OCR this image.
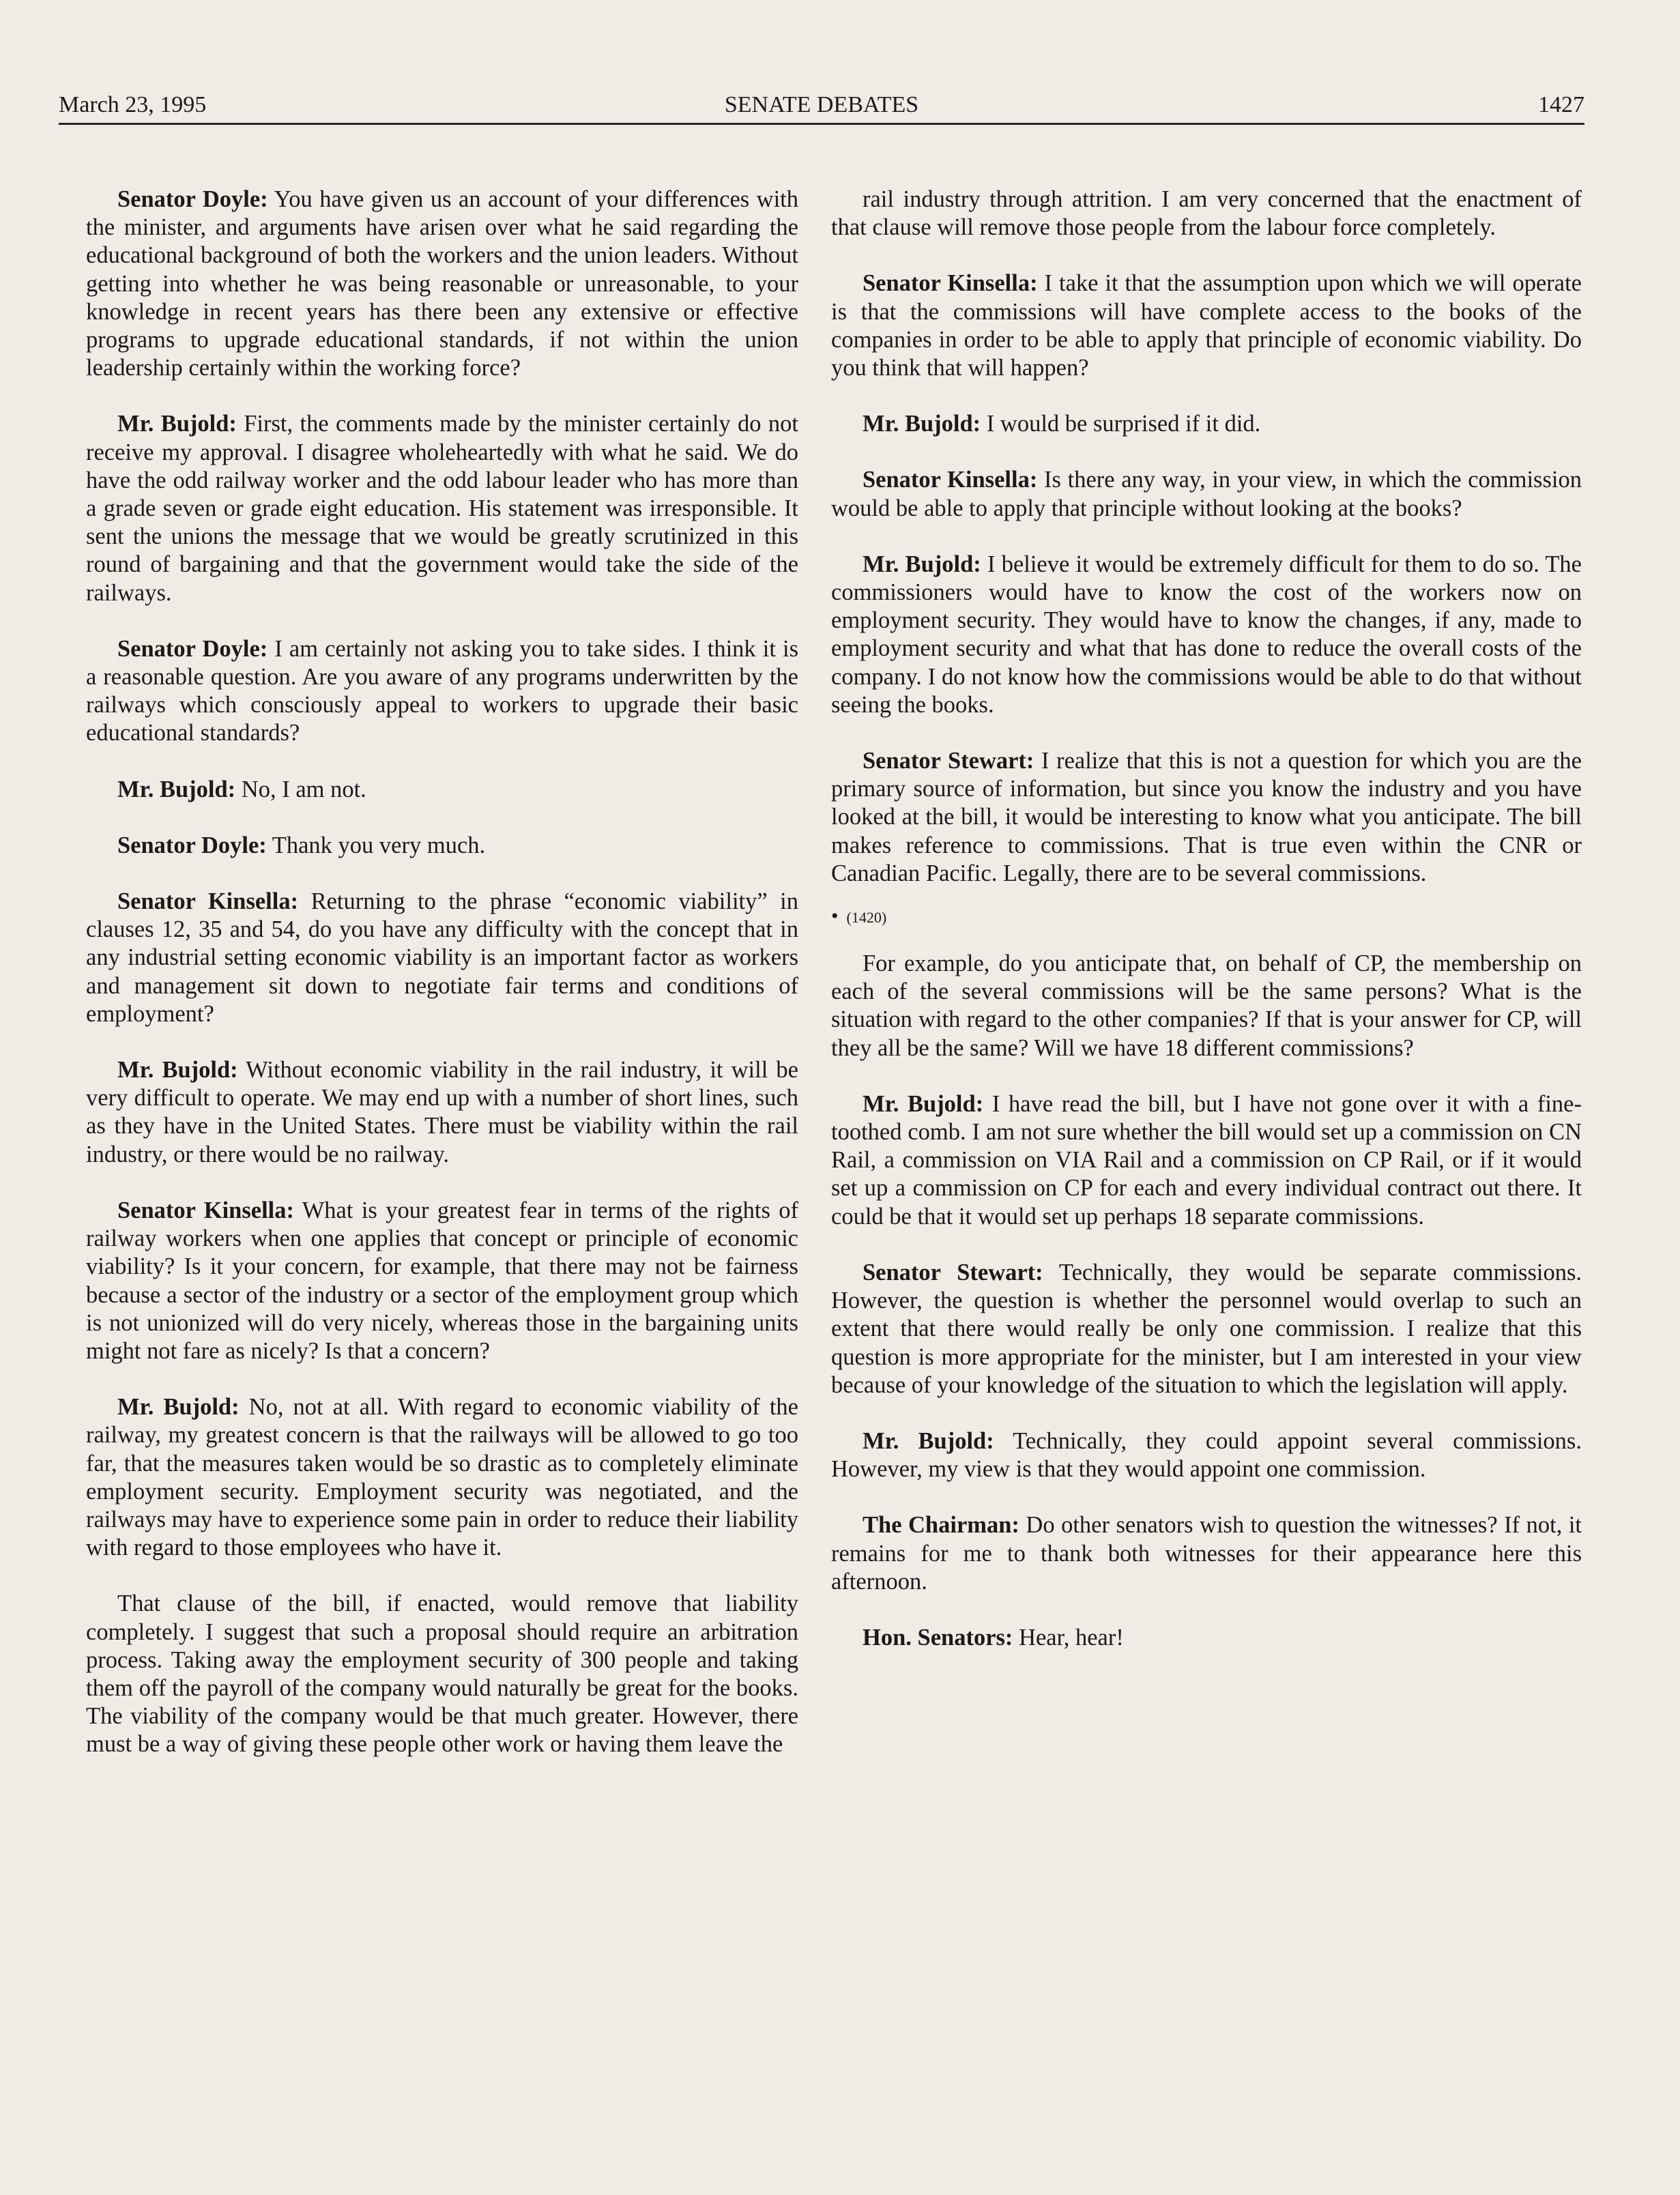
March 23, 1995	SENATE DEBATES	1427

Senator Doyle: You have given us an account of your differences with the minister, and arguments have arisen over what he said regarding the educational background of both the workers and the union leaders. Without getting into whether he was being reasonable or unreasonable, to your knowledge in recent years has there been any extensive or effective programs to upgrade educational standards, if not within the union leadership certainly within the working force?

Mr. Bujold: First, the comments made by the minister certainly do not receive my approval. I disagree wholeheartedly with what he said. We do have the odd railway worker and the odd labour leader who has more than a grade seven or grade eight education. His statement was irresponsible. It sent the unions the message that we would be greatly scrutinized in this round of bargaining and that the government would take the side of the railways.

Senator Doyle: I am certainly not asking you to take sides. I think it is a reasonable question. Are you aware of any programs underwritten by the railways which consciously appeal to workers to upgrade their basic educational standards?

Mr. Bujold: No, I am not.

Senator Doyle: Thank you very much.

Senator Kinsella: Returning to the phrase “economic viability” in clauses 12, 35 and 54, do you have any difficulty with the concept that in any industrial setting economic viability is an important factor as workers and management sit down to negotiate fair terms and conditions of employment?

Mr. Bujold: Without economic viability in the rail industry, it will be very difficult to operate. We may end up with a number of short lines, such as they have in the United States. There must be viability within the rail industry, or there would be no railway.

Senator Kinsella: What is your greatest fear in terms of the rights of railway workers when one applies that concept or principle of economic viability? Is it your concern, for example, that there may not be fairness because a sector of the industry or a sector of the employment group which is not unionized will do very nicely, whereas those in the bargaining units might not fare as nicely? Is that a concern?

Mr. Bujold: No, not at all. With regard to economic viability of the railway, my greatest concern is that the railways will be allowed to go too far, that the measures taken would be so drastic as to completely eliminate employment security. Employment security was negotiated, and the railways may have to experience some pain in order to reduce their liability with regard to those employees who have it.

That clause of the bill, if enacted, would remove that liability completely. I suggest that such a proposal should require an arbitration process. Taking away the employment security of 300 people and taking them off the payroll of the company would naturally be great for the books. The viability of the company would be that much greater. However, there must be a way of giving these people other work or having them leave the

rail industry through attrition. I am very concerned that the enactment of that clause will remove those people from the labour force completely.

Senator Kinsella: I take it that the assumption upon which we will operate is that the commissions will have complete access to the books of the companies in order to be able to apply that principle of economic viability. Do you think that will happen?

Mr. Bujold: I would be surprised if it did.

Senator Kinsella: Is there any way, in your view, in which the commission would be able to apply that principle without looking at the books?

Mr. Bujold: I believe it would be extremely difficult for them to do so. The commissioners would have to know the cost of the workers now on employment security. They would have to know the changes, if any, made to employment security and what that has done to reduce the overall costs of the company. I do not know how the commissions would be able to do that without seeing the books.

Senator Stewart: I realize that this is not a question for which you are the primary source of information, but since you know the industry and you have looked at the bill, it would be interesting to know what you anticipate. The bill makes reference to commissions. That is true even within the CNR or Canadian Pacific. Legally, there are to be several commissions.

• (1420)

For example, do you anticipate that, on behalf of CP, the membership on each of the several commissions will be the same persons? What is the situation with regard to the other companies? If that is your answer for CP, will they all be the same? Will we have 18 different commissions?

Mr. Bujold: I have read the bill, but I have not gone over it with a fine-toothed comb. I am not sure whether the bill would set up a commission on CN Rail, a commission on VIA Rail and a commission on CP Rail, or if it would set up a commission on CP for each and every individual contract out there. It could be that it would set up perhaps 18 separate commissions.

Senator Stewart: Technically, they would be separate commissions. However, the question is whether the personnel would overlap to such an extent that there would really be only one commission. I realize that this question is more appropriate for the minister, but I am interested in your view because of your knowledge of the situation to which the legislation will apply.

Mr. Bujold: Technically, they could appoint several commissions. However, my view is that they would appoint one commission.

The Chairman: Do other senators wish to question the witnesses? If not, it remains for me to thank both witnesses for their appearance here this afternoon.

Hon. Senators: Hear, hear!
